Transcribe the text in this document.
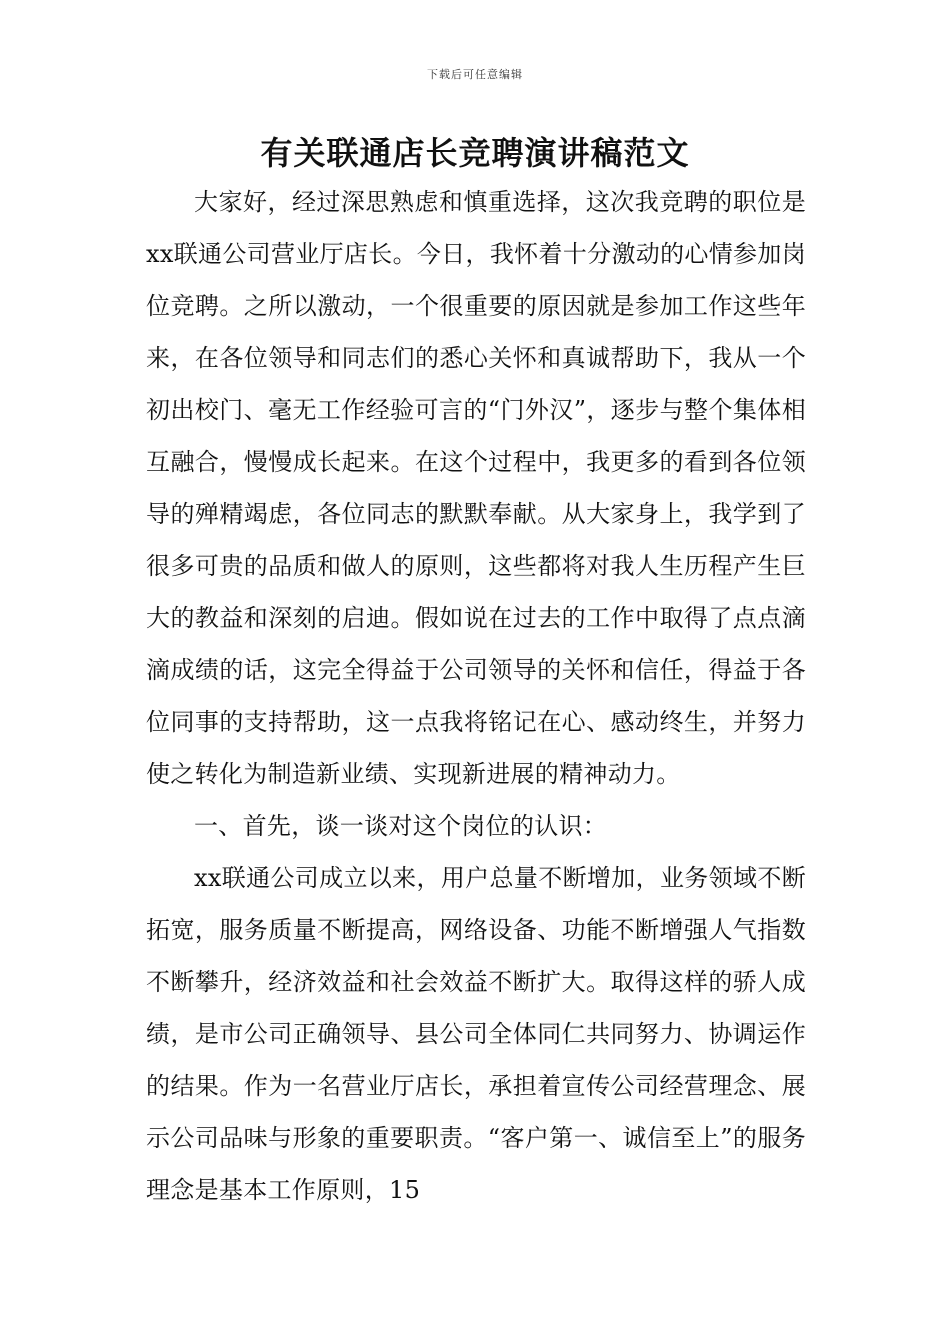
下载后可任意编辑
有关联通店长竞聘演讲稿范文

大家好，经过深思熟虑和慎重选择，这次我竞聘的职位是xx联通公司营业厅店长。今日，我怀着十分激动的心情参加岗位竞聘。之所以激动，一个很重要的原因就是参加工作这些年来，在各位领导和同志们的悉心关怀和真诚帮助下，我从一个初出校门、毫无工作经验可言的“门外汉”，逐步与整个集体相互融合，慢慢成长起来。在这个过程中，我更多的看到各位领导的殚精竭虑，各位同志的默默奉献。从大家身上，我学到了很多可贵的品质和做人的原则，这些都将对我人生历程产生巨大的教益和深刻的启迪。假如说在过去的工作中取得了点点滴滴成绩的话，这完全得益于公司领导的关怀和信任，得益于各位同事的支持帮助，这一点我将铭记在心、感动终生，并努力使之转化为制造新业绩、实现新进展的精神动力。

一、首先，谈一谈对这个岗位的认识：

xx联通公司成立以来，用户总量不断增加，业务领域不断拓宽，服务质量不断提高，网络设备、功能不断增强人气指数不断攀升，经济效益和社会效益不断扩大。取得这样的骄人成绩，是市公司正确领导、县公司全体同仁共同努力、协调运作的结果。作为一名营业厅店长，承担着宣传公司经营理念、展示公司品味与形象的重要职责。“客户第一、诚信至上”的服务理念是基本工作原则，15
